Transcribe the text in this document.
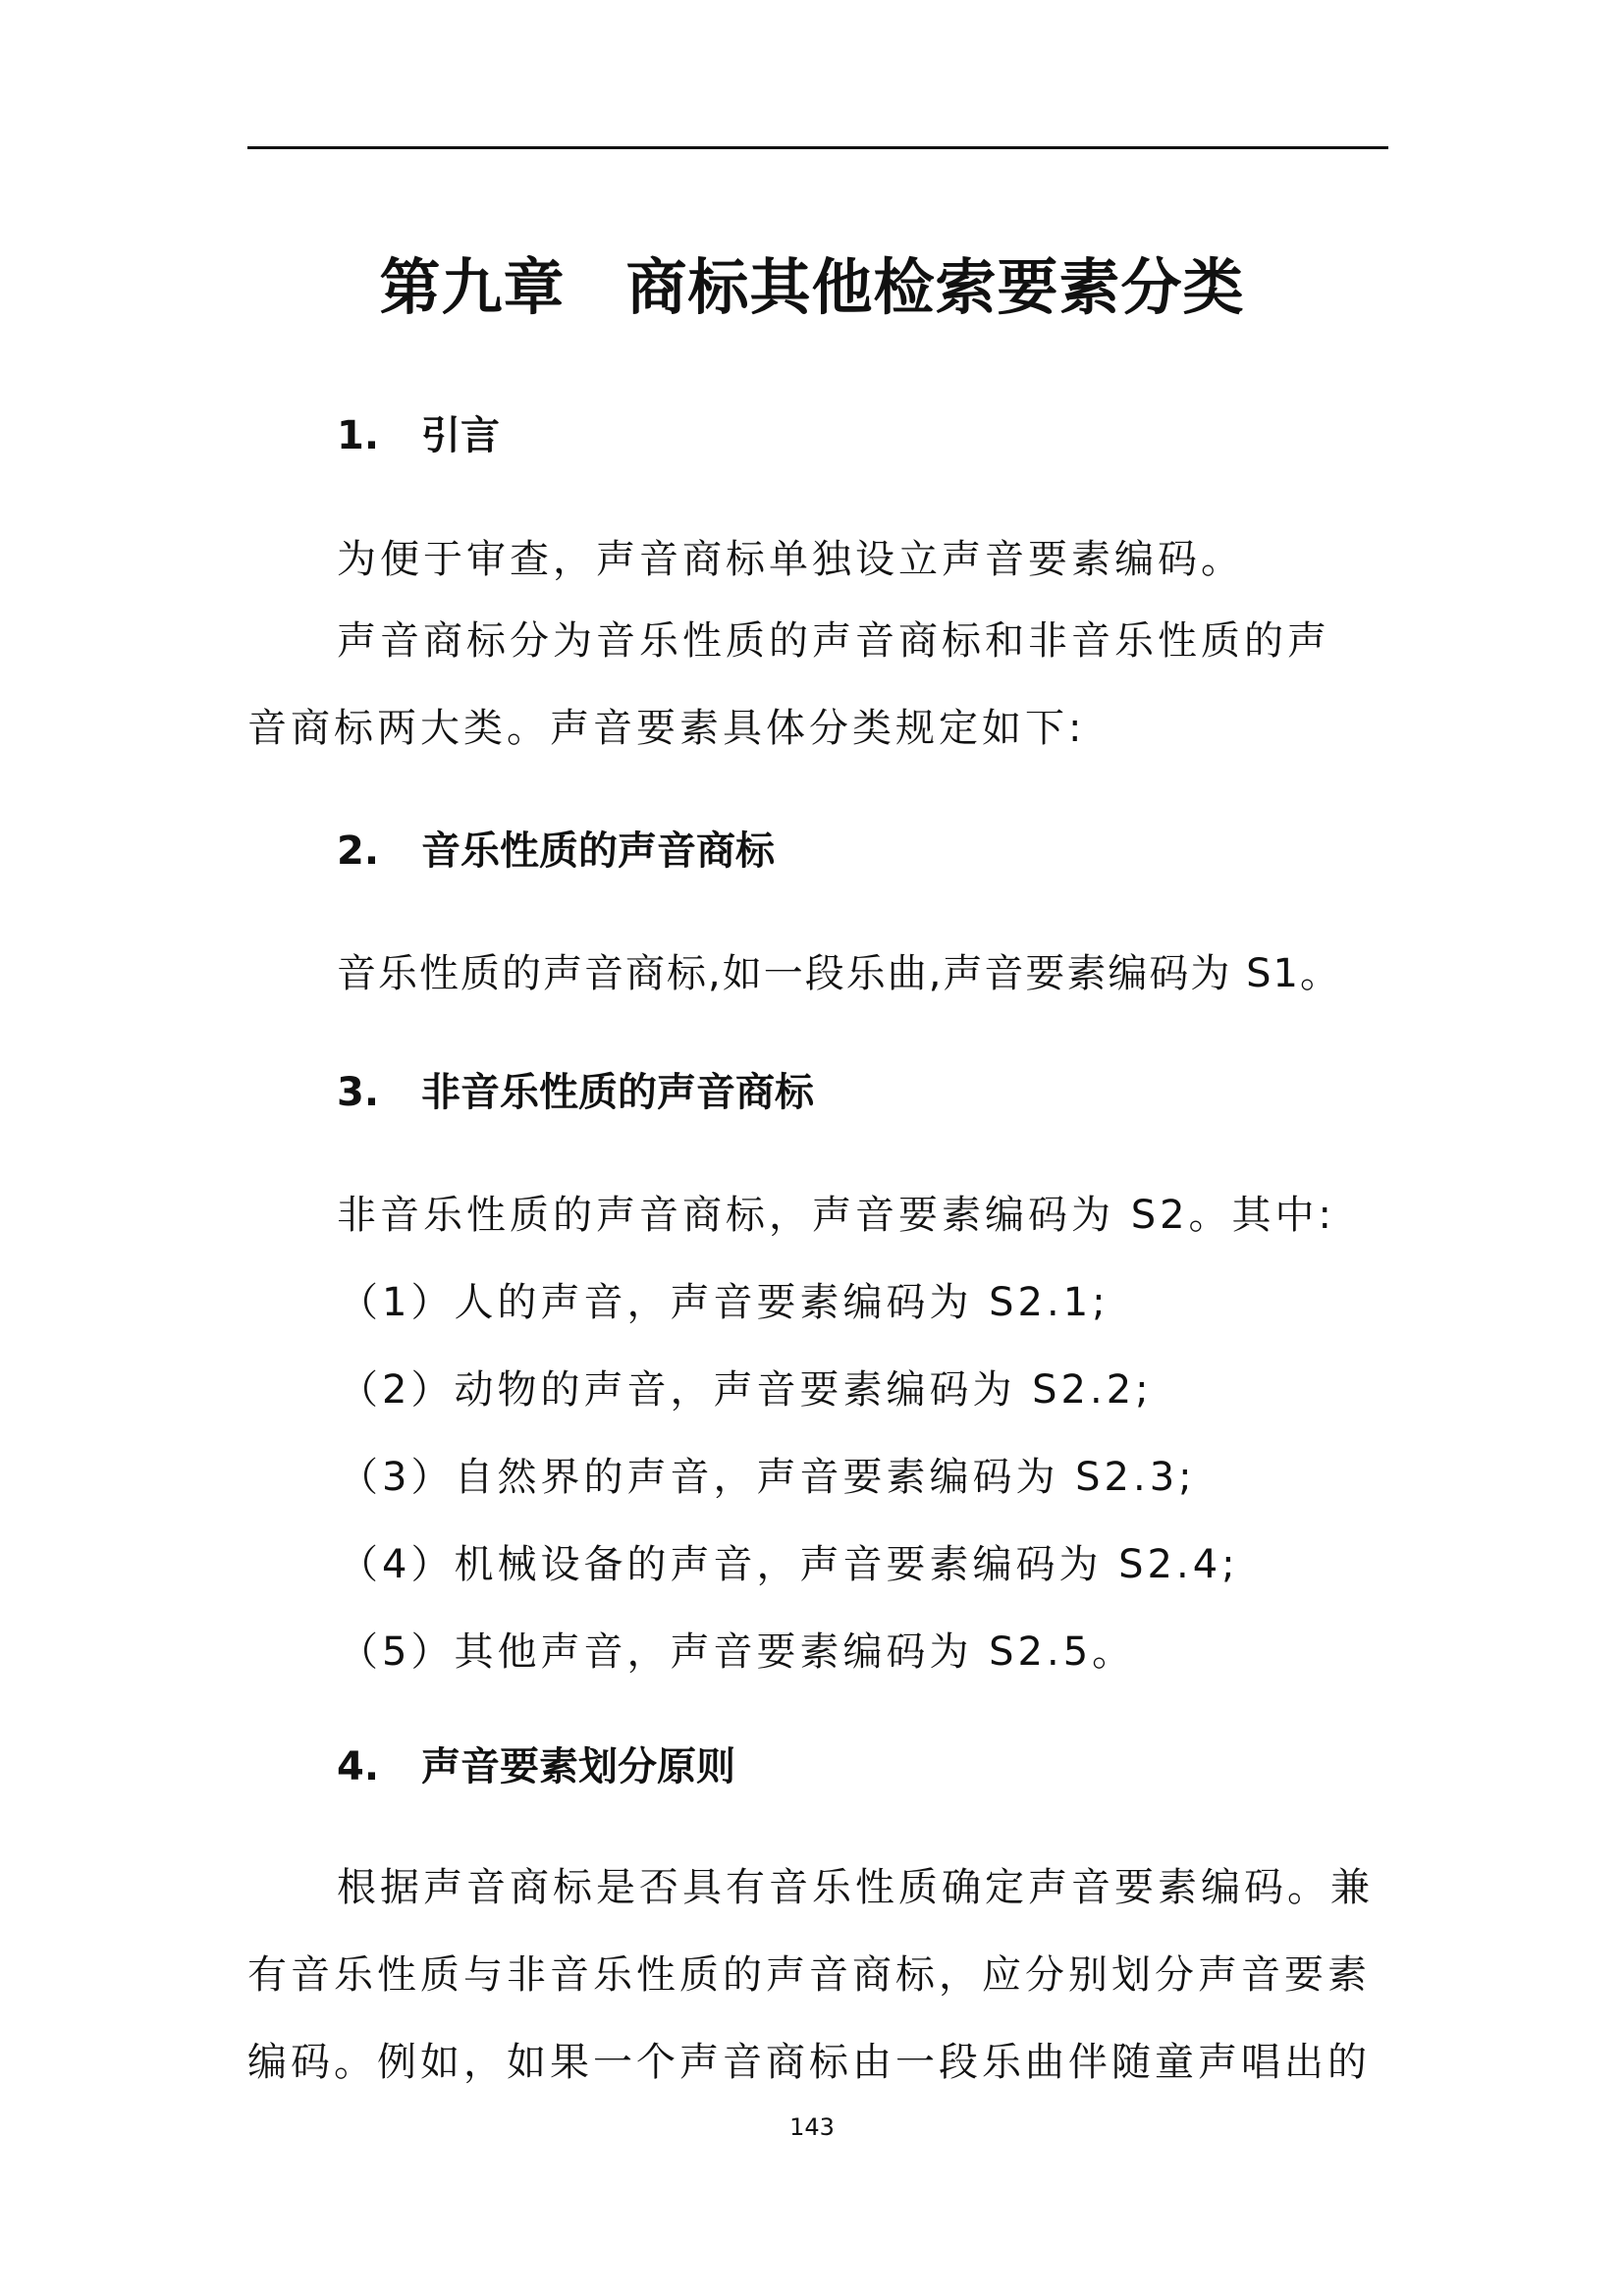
第九章 商标其他检索要素分类
1. 引言
为便于审查，声音商标单独设立声音要素编码。
声音商标分为音乐性质的声音商标和非音乐性质的声
音商标两大类。声音要素具体分类规定如下:
2. 音乐性质的声音商标
音乐性质的声音商标,如一段乐曲,声音要素编码为 S1。
3. 非音乐性质的声音商标
非音乐性质的声音商标，声音要素编码为 S2。其中:
（1）人的声音，声音要素编码为 S2.1;
（2）动物的声音，声音要素编码为 S2.2;
（3）自然界的声音，声音要素编码为 S2.3;
（4）机械设备的声音，声音要素编码为 S2.4;
（5）其他声音，声音要素编码为 S2.5。
4. 声音要素划分原则
根据声音商标是否具有音乐性质确定声音要素编码。兼
有音乐性质与非音乐性质的声音商标，应分别划分声音要素
编码。例如，如果一个声音商标由一段乐曲伴随童声唱出的
143
